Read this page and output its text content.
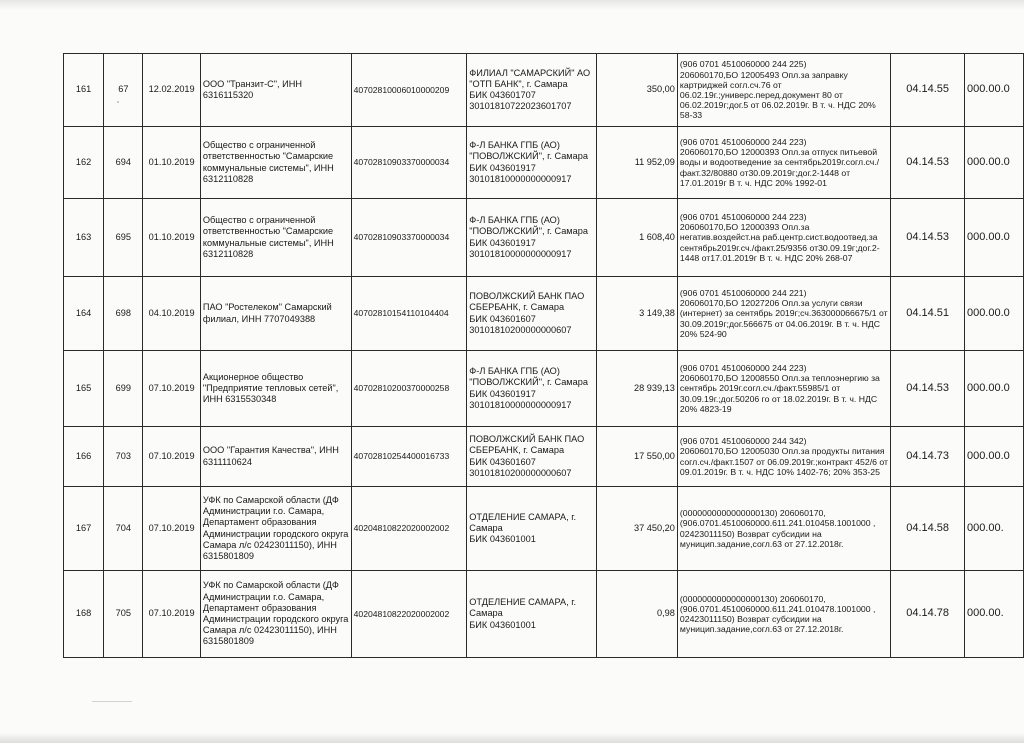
161	67	12.02.2019	ООО "Транзит-С", ИНН 6316115320	40702810006010000209	ФИЛИАЛ "САМАРСКИЙ" АО "ОТП БАНК", г. Самара
БИК 043601707
30101810722023601707	350,00	(906 0701 4510060000 244 225)
206060170,БО 12005493 Опл.за заправку картриджей согл.сч.76 от 06.02.19г.;универс.перед.документ 80 от 06.02.2019г;дог.5 от 06.02.2019г. В т. ч. НДС 20% 58-33	04.14.55	000.00.0
162	694	01.10.2019	Общество с ограниченной ответственностью "Самарские коммунальные системы", ИНН 6312110828	40702810903370000034	Ф-Л БАНКА ГПБ (АО) "ПОВОЛЖСКИЙ", г. Самара
БИК 043601917
30101810000000000917	11 952,09	(906 0701 4510060000 244 223)
206060170,БО 12000393 Опл.за отпуск питьевой воды и водоотведение за сентябрь2019г.согл.сч./факт.32/80880 от30.09.2019г;дог.2-1448 от 17.01.2019г В т. ч. НДС 20% 1992-01	04.14.53	000.00.0
163	695	01.10.2019	Общество с ограниченной ответственностью "Самарские коммунальные системы", ИНН 6312110828	40702810903370000034	Ф-Л БАНКА ГПБ (АО) "ПОВОЛЖСКИЙ", г. Самара
БИК 043601917
30101810000000000917	1 608,40	(906 0701 4510060000 244 223)
206060170,БО 12000393 Опл.за негатив.воздейст.на раб.центр.сист.водоотвед.за сентябрь2019г.сч./факт.25/9356 от30.09.19г;дог.2-1448 от17.01.2019г В т. ч. НДС 20% 268-07	04.14.53	000.00.0
164	698	04.10.2019	ПАО "Ростелеком" Самарский филиал, ИНН 7707049388	40702810154110104404	ПОВОЛЖСКИЙ БАНК ПАО СБЕРБАНК, г. Самара
БИК 043601607
30101810200000000607	3 149,38	(906 0701 4510060000 244 221)
206060170,БО 12027206 Опл.за услуги связи (интернет) за сентябрь 2019г;сч.363000066675/1 от 30.09.2019г;дог.566675 от 04.06.2019г. В т. ч. НДС 20% 524-90	04.14.51	000.00.0
165	699	07.10.2019	Акционерное общество "Предприятие тепловых сетей", ИНН 6315530348	40702810200370000258	Ф-Л БАНКА ГПБ (АО) "ПОВОЛЖСКИЙ", г. Самара
БИК 043601917
30101810000000000917	28 939,13	(906 0701 4510060000 244 223)
206060170,БО 12008550 Опл.за теплоэнергию за сентябрь 2019г.согл.сч./факт.55985/1 от 30.09.19г.;дог.50206 го от 18.02.2019г. В т. ч. НДС 20% 4823-19	04.14.53	000.00.0
166	703	07.10.2019	ООО "Гарантия Качества", ИНН 6311110624	40702810254400016733	ПОВОЛЖСКИЙ БАНК ПАО СБЕРБАНК, г. Самара
БИК 043601607
30101810200000000607	17 550,00	(906 0701 4510060000 244 342)
206060170,БО 12005030 Опл.за продукты питания согл.сч./факт.1507 от 06.09.2019г.;контракт 452/6 от 09.01.2019г. В т. ч. НДС 10% 1402-76; 20% 353-25	04.14.73	000.00.0
167	704	07.10.2019	УФК по Самарской области (ДФ Администрации г.о. Самара, Департамент образования Администрации городского округа Самара л/с 02423011150), ИНН 6315801809	40204810822020002002	ОТДЕЛЕНИЕ САМАРА, г. Самара
БИК 043601001	37 450,20	(0000000000000000130) 206060170, (906.0701.4510060000.611.241.010458.1001000 , 02423011150) Возврат субсидии на муницип.задание,согл.63 от 27.12.2018г.	04.14.58	000.00.
168	705	07.10.2019	УФК по Самарской области (ДФ Администрации г.о. Самара, Департамент образования Администрации городского округа Самара л/с 02423011150), ИНН 6315801809	40204810822020002002	ОТДЕЛЕНИЕ САМАРА, г. Самара
БИК 043601001	0,98	(0000000000000000130) 206060170, (906.0701.4510060000.611.241.010478.1001000 , 02423011150) Возврат субсидии на муницип.задание,согл.63 от 27.12.2018г.	04.14.78	000.00.
